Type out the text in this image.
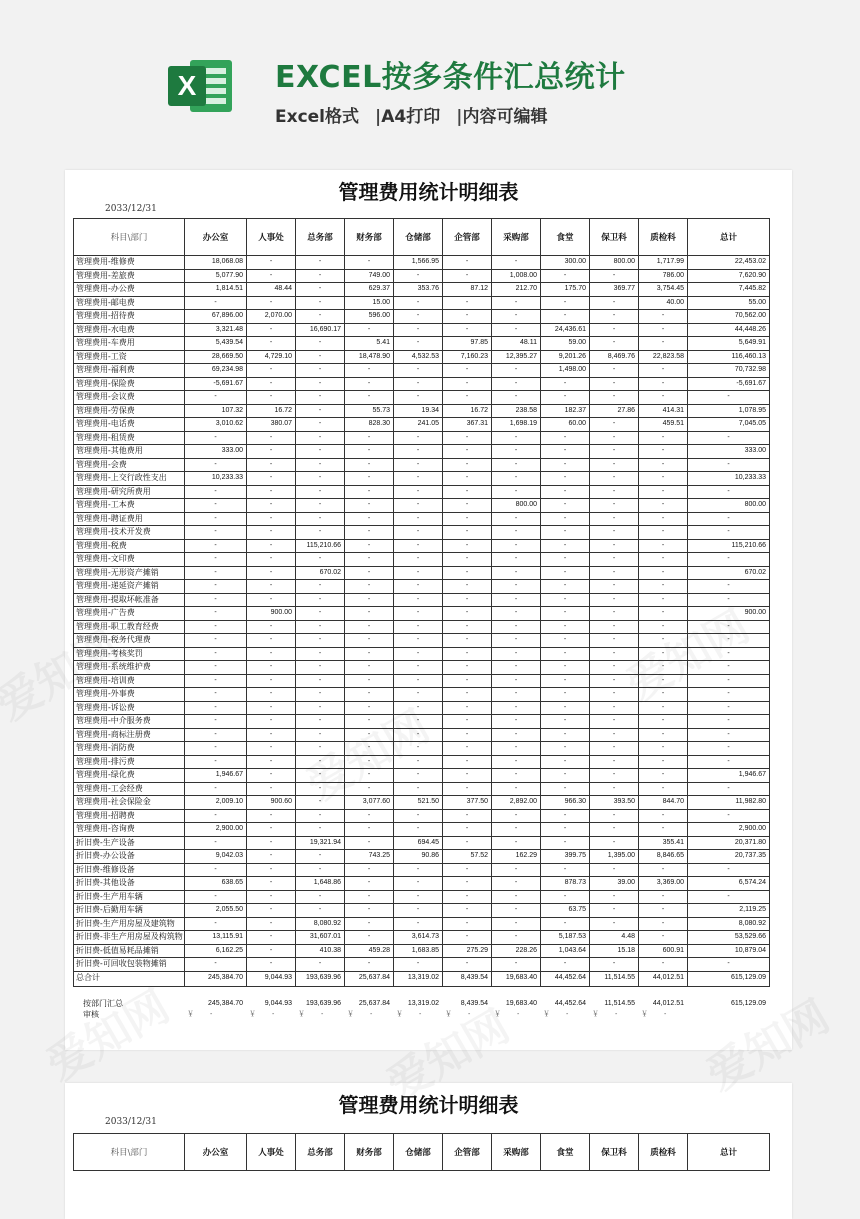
X	EXCEL按多条件汇总统计
Excel格式 |A4打印 |内容可编辑
管理费用统计明细表
2033/12/31
科目\部门	办公室	人事处	总务部	财务部	仓储部	企管部	采购部	食堂	保卫科	质检科	总计
管理费用-维修费	18,068.08	-	-	-	1,566.95	-	-	300.00	800.00	1,717.99	22,453.02
管理费用-差旅费	5,077.90	-	-	749.00	-	-	1,008.00	-	-	786.00	7,620.90
管理费用-办公费	1,814.51	48.44	-	629.37	353.76	87.12	212.70	175.70	369.77	3,754.45	7,445.82
管理费用-邮电费	-	-	-	15.00	-	-	-	-	-	40.00	55.00
管理费用-招待费	67,896.00	2,070.00	-	596.00	-	-	-	-	-	-	70,562.00
管理费用-水电费	3,321.48	-	16,690.17	-	-	-	-	24,436.61	-	-	44,448.26
管理费用-车费用	5,439.54	-	-	5.41	-	97.85	48.11	59.00	-	-	5,649.91
管理费用-工资	28,669.50	4,729.10	-	18,478.90	4,532.53	7,160.23	12,395.27	9,201.26	8,469.76	22,823.58	116,460.13
管理费用-福利费	69,234.98	-	-	-	-	-	-	1,498.00	-	-	70,732.98
管理费用-保险费	-5,691.67	-	-	-	-	-	-	-	-	-	-5,691.67
管理费用-会议费	-	-	-	-	-	-	-	-	-	-	-
管理费用-劳保费	107.32	16.72	-	55.73	19.34	16.72	238.58	182.37	27.86	414.31	1,078.95
管理费用-电话费	3,010.62	380.07	-	828.30	241.05	367.31	1,698.19	60.00	-	459.51	7,045.05
管理费用-租赁费	-	-	-	-	-	-	-	-	-	-	-
管理费用-其他费用	333.00	-	-	-	-	-	-	-	-	-	333.00
管理费用-会费	-	-	-	-	-	-	-	-	-	-	-
管理费用-上交行政性支出	10,233.33	-	-	-	-	-	-	-	-	-	10,233.33
管理费用-研究所费用	-	-	-	-	-	-	-	-	-	-	-
管理费用-工本费	-	-	-	-	-	-	800.00	-	-	-	800.00
管理费用-聘证费用	-	-	-	-	-	-	-	-	-	-	-
管理费用-技术开发费	-	-	-	-	-	-	-	-	-	-	-
管理费用-税费	-	-	115,210.66	-	-	-	-	-	-	-	115,210.66
管理费用-文印费	-	-	-	-	-	-	-	-	-	-	-
管理费用-无形资产摊销	-	-	670.02	-	-	-	-	-	-	-	670.02
管理费用-递延资产摊销	-	-	-	-	-	-	-	-	-	-	-
管理费用-提取坏帐准备	-	-	-	-	-	-	-	-	-	-	-
管理费用-广告费	-	900.00	-	-	-	-	-	-	-	-	900.00
管理费用-职工教育经费	-	-	-	-	-	-	-	-	-	-	-
管理费用-税务代理费	-	-	-	-	-	-	-	-	-	-	-
管理费用-考核奖罚	-	-	-	-	-	-	-	-	-	-	-
管理费用-系统维护费	-	-	-	-	-	-	-	-	-	-	-
管理费用-培训费	-	-	-	-	-	-	-	-	-	-	-
管理费用-外事费	-	-	-	-	-	-	-	-	-	-	-
管理费用-诉讼费	-	-	-	-	-	-	-	-	-	-	-
管理费用-中介服务费	-	-	-	-	-	-	-	-	-	-	-
管理费用-商标注册费	-	-	-	-	-	-	-	-	-	-	-
管理费用-消防费	-	-	-	-	-	-	-	-	-	-	-
管理费用-排污费	-	-	-	-	-	-	-	-	-	-	-
管理费用-绿化费	1,946.67	-	-	-	-	-	-	-	-	-	1,946.67
管理费用-工会经费	-	-	-	-	-	-	-	-	-	-	-
管理费用-社会保险金	2,009.10	900.60	-	3,077.60	521.50	377.50	2,892.00	966.30	393.50	844.70	11,982.80
管理费用-招聘费	-	-	-	-	-	-	-	-	-	-	-
管理费用-咨询费	2,900.00	-	-	-	-	-	-	-	-	-	2,900.00
折旧费-生产设备	-	-	19,321.94	-	694.45	-	-	-	-	355.41	20,371.80
折旧费-办公设备	9,042.03	-	-	743.25	90.86	57.52	162.29	399.75	1,395.00	8,846.65	20,737.35
折旧费-维修设备	-	-	-	-	-	-	-	-	-	-	-
折旧费-其他设备	638.65	-	1,648.86	-	-	-	-	878.73	39.00	3,369.00	6,574.24
折旧费-生产用车辆	-	-	-	-	-	-	-	-	-	-	-
折旧费-后勤用车辆	2,055.50	-	-	-	-	-	-	63.75	-	-	2,119.25
折旧费-生产用房屋及建筑物	-	-	8,080.92	-	-	-	-	-	-	-	8,080.92
折旧费-非生产用房屋及构筑物	13,115.91	-	31,607.01	-	3,614.73	-	-	5,187.53	4.48	-	53,529.66
折旧费-低值易耗品摊销	6,162.25	-	410.38	459.28	1,683.85	275.29	228.26	1,043.64	15.18	600.91	10,879.04
折旧费-可回收包装物摊销	-	-	-	-	-	-	-	-	-	-	-
总合计	245,384.70	9,044.93	193,639.96	25,637.84	13,319.02	8,439.54	19,683.40	44,452.64	11,514.55	44,012.51	615,129.09
按部门汇总	245,384.70	9,044.93	193,639.96	25,637.84	13,319.02	8,439.54	19,683.40	44,452.64	11,514.55	44,012.51	615,129.09
审核	￥ -	￥ -	￥ -	￥ -	￥ -	￥ -	￥ -	￥ -	￥ -	￥ -	
管理费用统计明细表
2033/12/31
科目\部门	办公室	人事处	总务部	财务部	仓储部	企管部	采购部	食堂	保卫科	质检科	总计
